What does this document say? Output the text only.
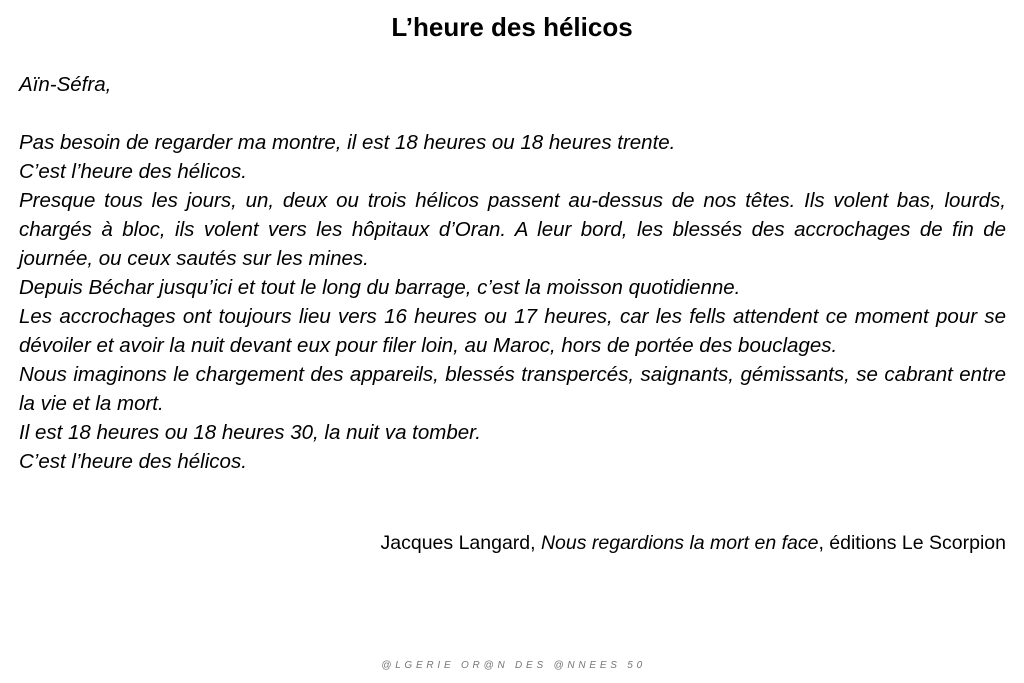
L’heure des hélicos
Aïn-Séfra,

Pas besoin de regarder ma montre, il est 18 heures ou 18 heures trente.

C’est l’heure des hélicos.

Presque tous les jours, un, deux ou trois hélicos passent au-dessus de nos têtes. Ils volent bas, lourds, chargés à bloc, ils volent vers les hôpitaux d’Oran. A leur bord, les blessés des accrochages de fin de journée, ou ceux sautés sur les mines.

Depuis Béchar jusqu’ici et tout le long du barrage, c’est la moisson quotidienne.

Les accrochages ont toujours lieu vers 16 heures ou 17 heures, car les fells attendent ce moment pour se dévoiler et avoir la nuit devant eux pour filer loin, au Maroc, hors de portée des bouclages.

Nous imaginons le chargement des appareils, blessés transpercés, saignants, gémissants, se cabrant entre la vie et la mort.

Il est 18 heures ou 18 heures 30, la nuit va tomber.

C’est l’heure des hélicos.

Jacques Langard, Nous regardions la mort en face, éditions Le Scorpion
@ L G E R I E   O R @ N   D E S   @ N N E E S   5 0
